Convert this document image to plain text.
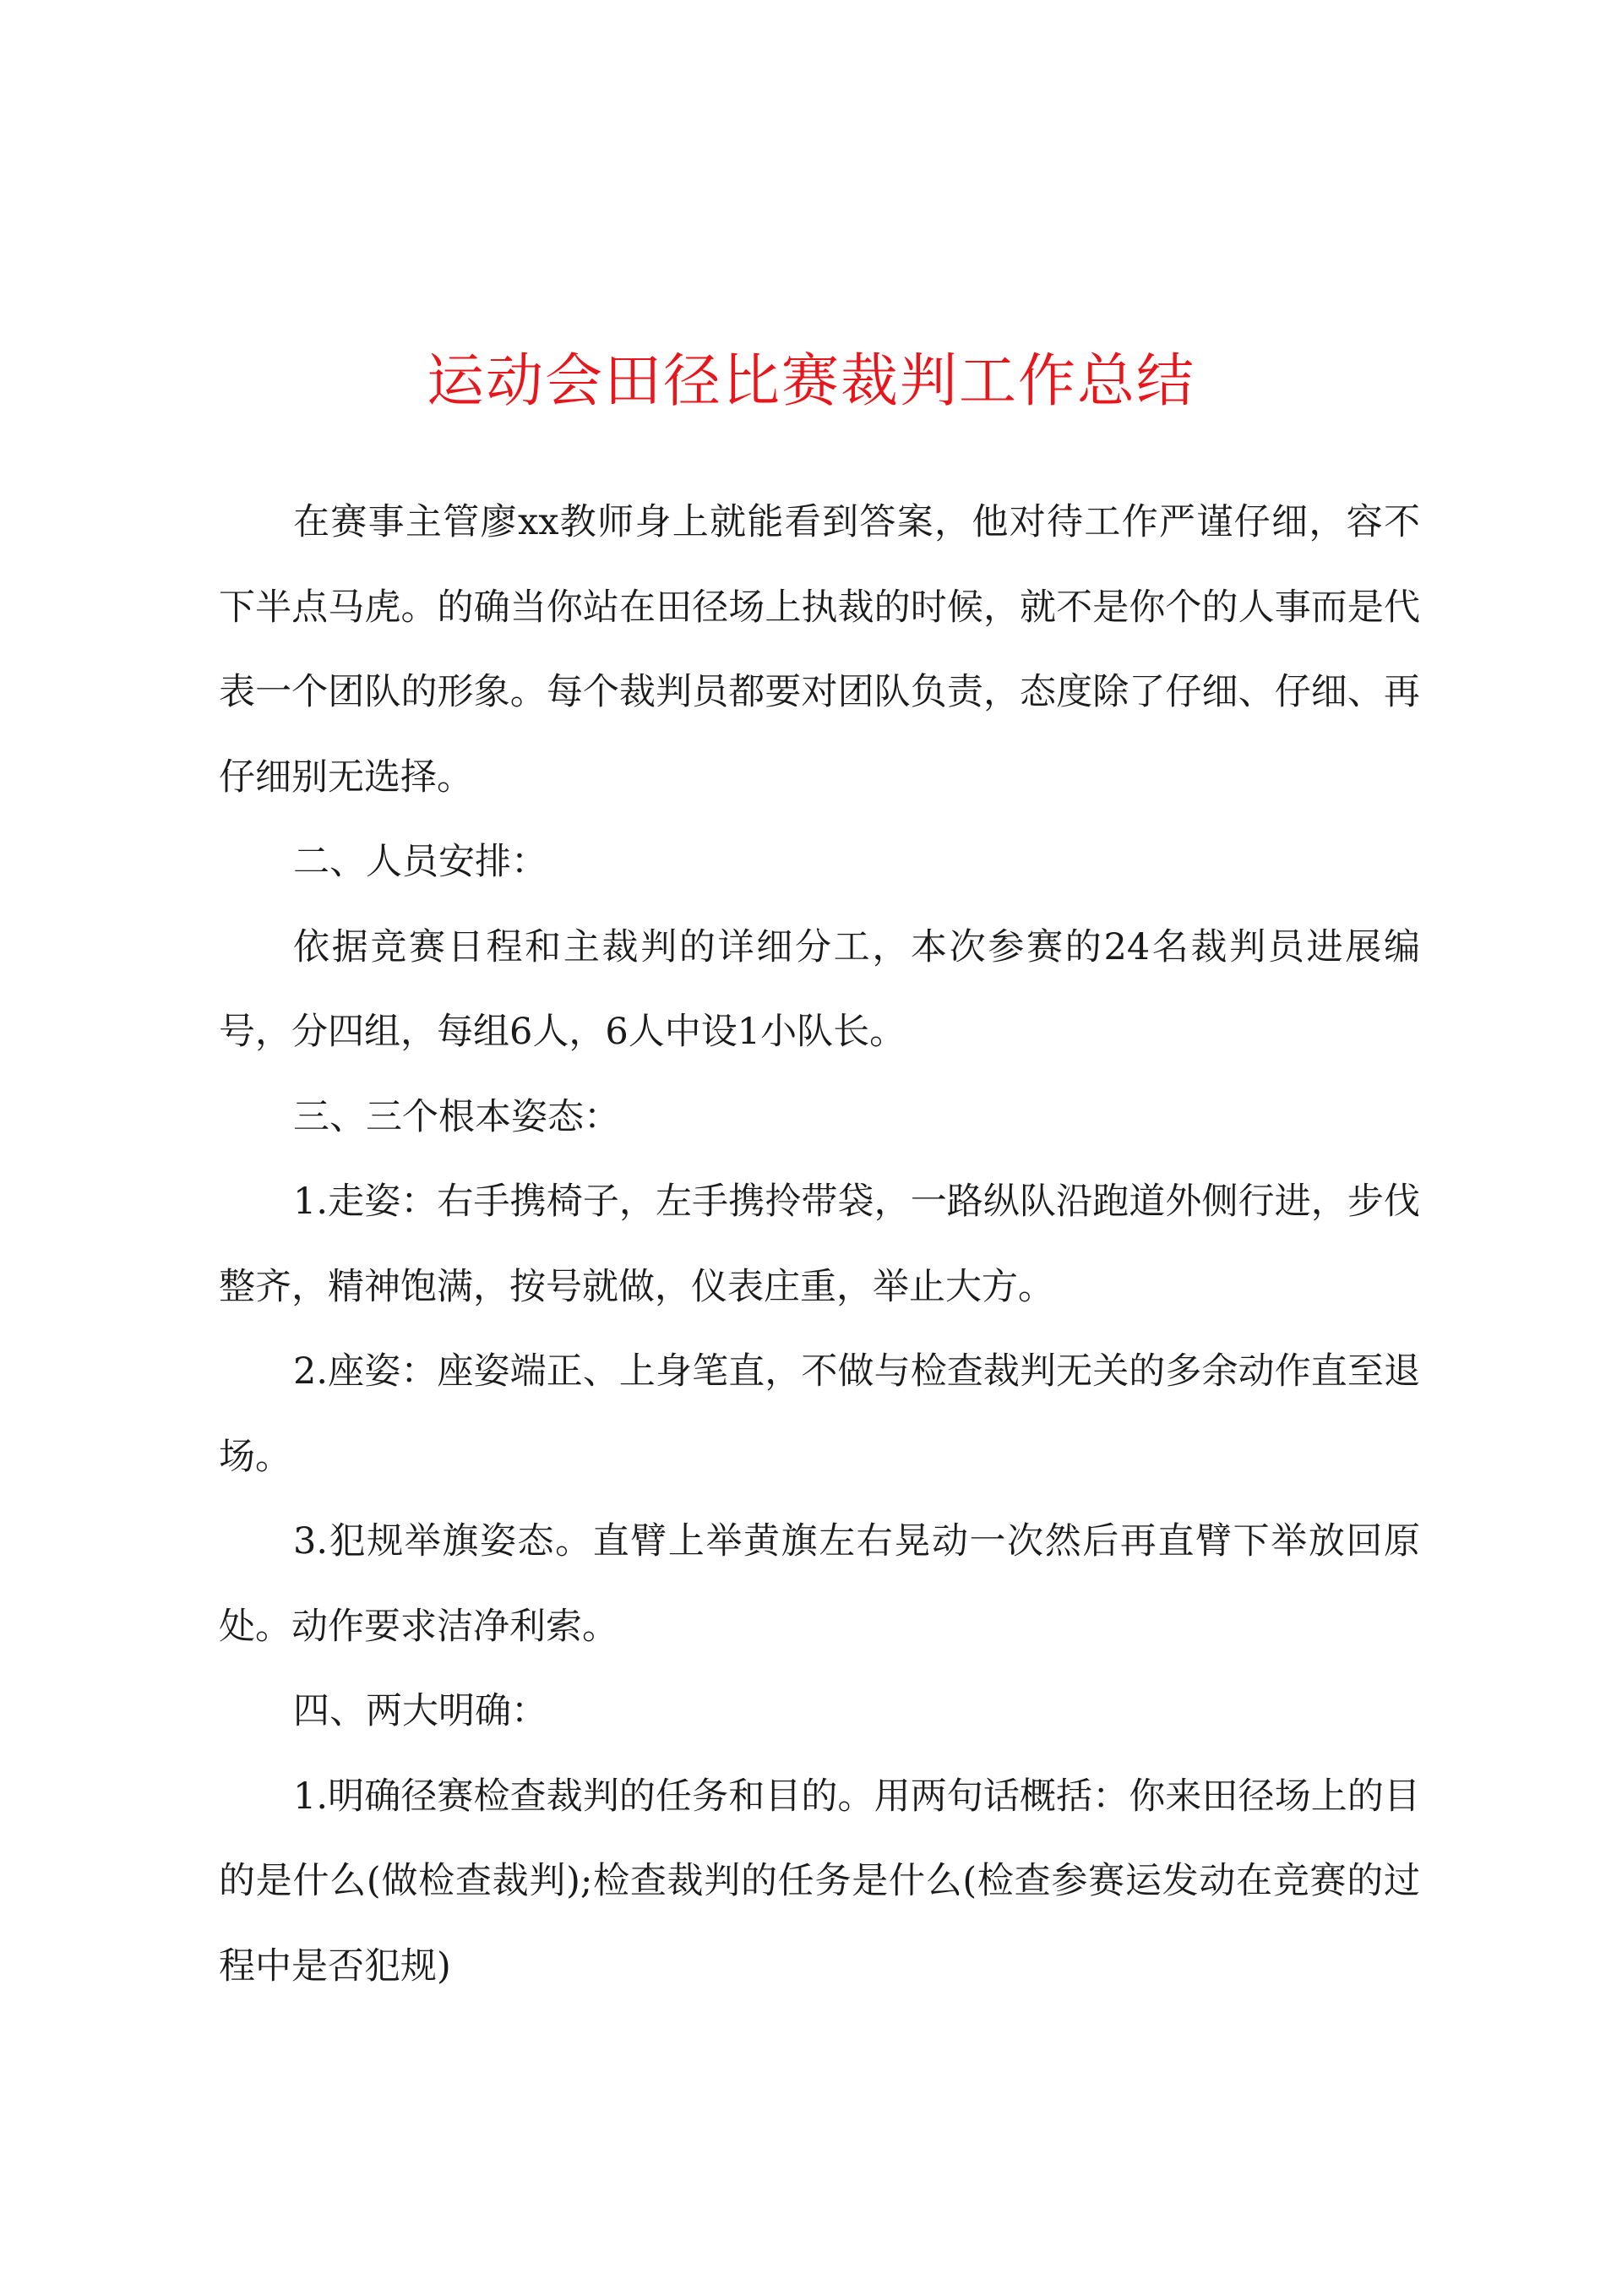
运动会田径比赛裁判工作总结

在赛事主管廖xx教师身上就能看到答案，他对待工作严谨仔细，容不下半点马虎。的确当你站在田径场上执裁的时候，就不是你个的人事而是代表一个团队的形象。每个裁判员都要对团队负责，态度除了仔细、仔细、再仔细别无选择。

二、人员安排：

依据竞赛日程和主裁判的详细分工，本次参赛的24名裁判员进展编号，分四组，每组6人，6人中设1小队长。

三、三个根本姿态：

1.走姿：右手携椅子，左手携拎带袋，一路纵队沿跑道外侧行进，步伐整齐，精神饱满，按号就做，仪表庄重，举止大方。

2.座姿：座姿端正、上身笔直，不做与检查裁判无关的多余动作直至退场。

3.犯规举旗姿态。直臂上举黄旗左右晃动一次然后再直臂下举放回原处。动作要求洁净利索。

四、两大明确：

1.明确径赛检查裁判的任务和目的。用两句话概括：你来田径场上的目的是什么(做检查裁判);检查裁判的任务是什么(检查参赛运发动在竞赛的过程中是否犯规)
